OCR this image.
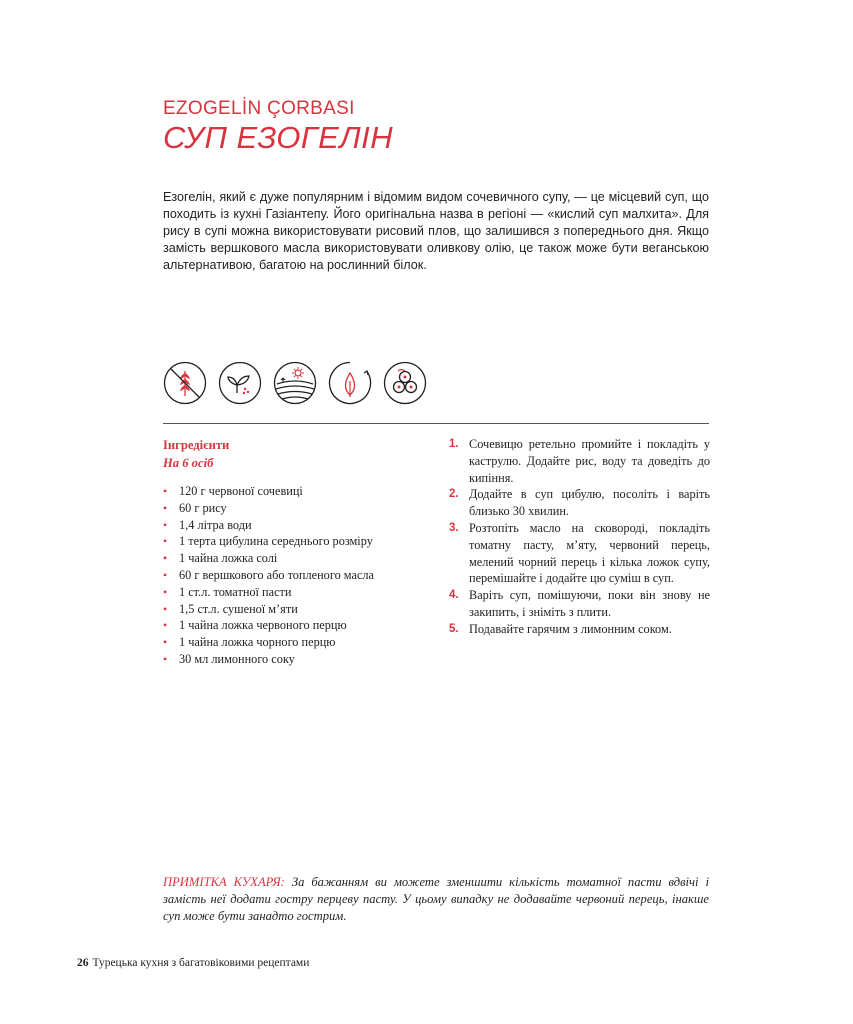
EZOGELİN ÇORBASI
СУП ЕЗОГЕЛІН

Езогелін, який є дуже популярним і відомим видом сочевичного супу, — це місцевий суп, що походить із кухні Газіантепу. Його оригінальна назва в регіоні — «кислий суп малхита». Для рису в супі можна використовувати рисовий плов, що залишився з попереднього дня. Якщо замість вершкового масла використовувати оливкову олію, це також може бути веганською альтернативою, багатою на рослинний білок.

Інгредієнти
На 6 осіб
• 120 г червоної сочевиці
• 60 г рису
• 1,4 літра води
• 1 терта цибулина середнього розміру
• 1 чайна ложка солі
• 60 г вершкового або топленого масла
• 1 ст.л. томатної пасти
• 1,5 ст.л. сушеної м’яти
• 1 чайна ложка червоного перцю
• 1 чайна ложка чорного перцю
• 30 мл лимонного соку
1. Сочевицю ретельно промийте і покладіть у каструлю. Додайте рис, воду та доведіть до кипіння.
2. Додайте в суп цибулю, посоліть і варіть близько 30 хвилин.
3. Розтопіть масло на сковороді, покладіть томатну пасту, м’яту, червоний перець, мелений чорний перець і кілька ложок супу, перемішайте і додайте цю суміш в суп.
4. Варіть суп, помішуючи, поки він знову не закипить, і зніміть з плити.
5. Подавайте гарячим з лимонним соком.

ПРИМІТКА КУХАРЯ: За бажанням ви можете зменшити кількість томатної пасти вдвічі і замість неї додати гостру перцеву пасту. У цьому випадку не додавайте червоний перець, інакше суп може бути занадто гострим.

26 Турецька кухня з багатовіковими рецептами
